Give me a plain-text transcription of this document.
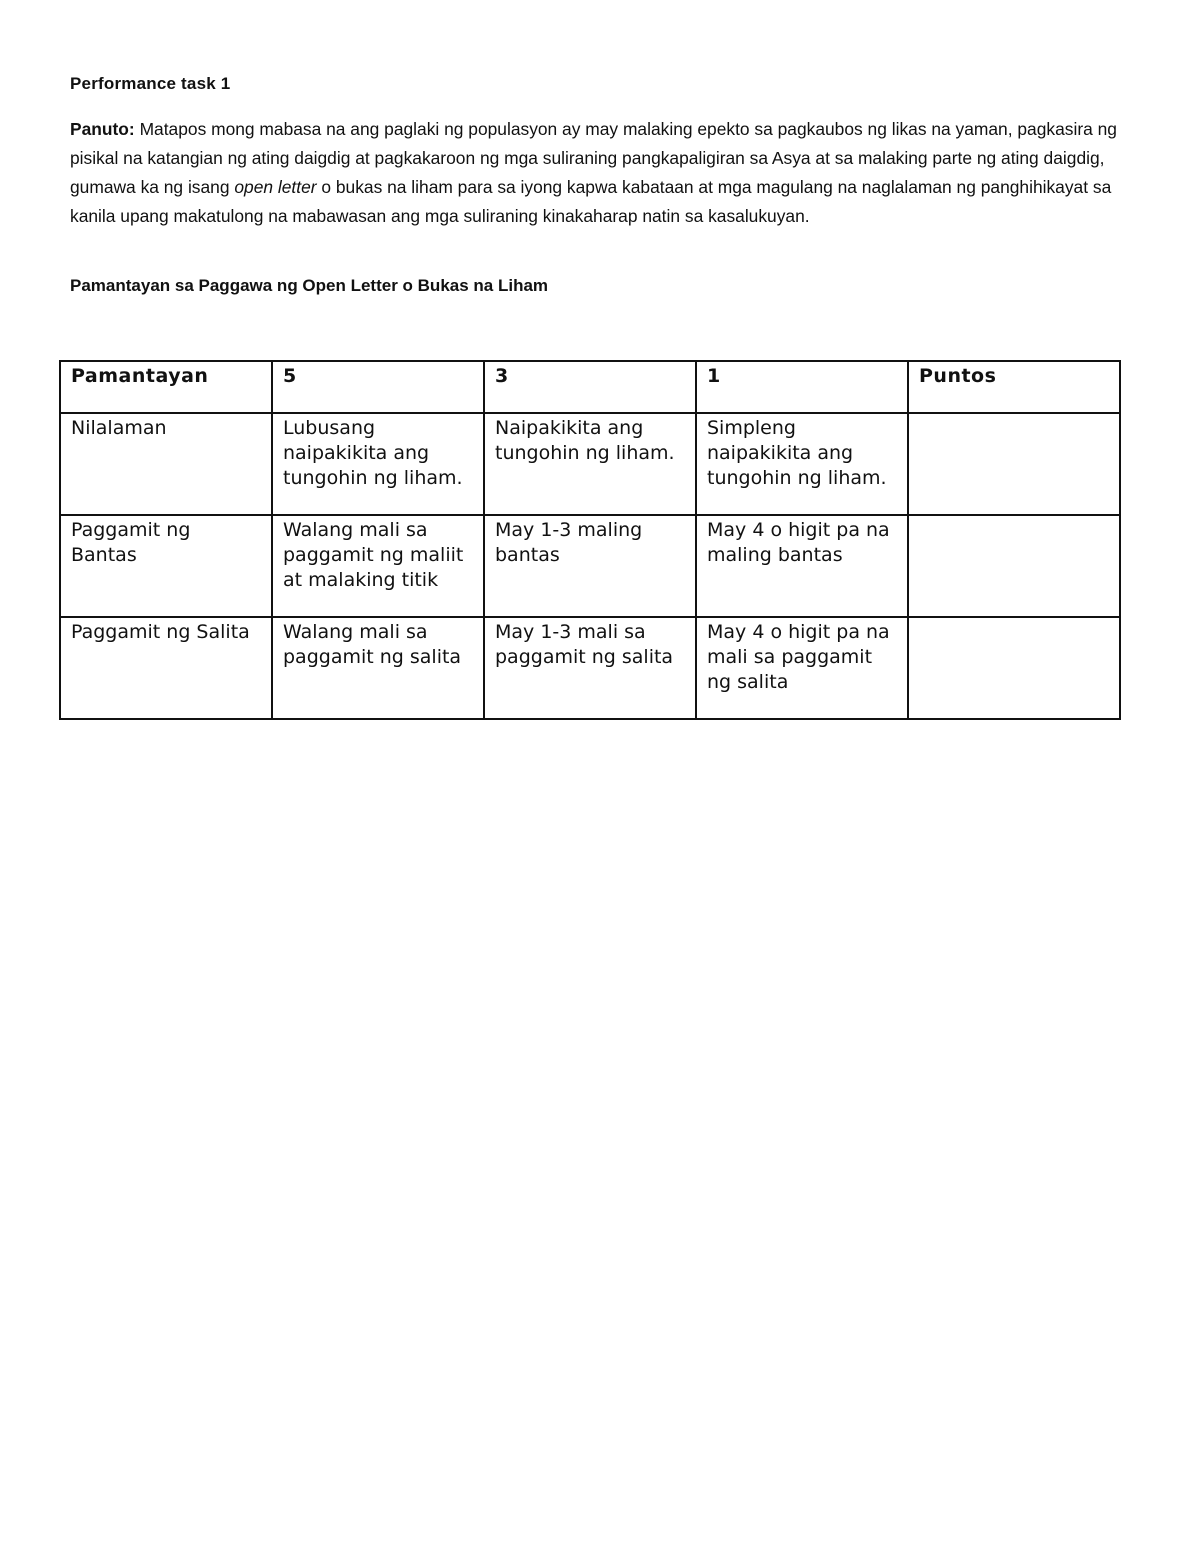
Performance task 1
Panuto: Matapos mong mabasa na ang paglaki ng populasyon ay may malaking epekto sa pagkaubos ng likas na yaman, pagkasira ng pisikal na katangian ng ating daigdig at pagkakaroon ng mga suliraning pangkapaligiran sa Asya at sa malaking parte ng ating daigdig, gumawa ka ng isang open letter o bukas na liham para sa iyong kapwa kabataan at mga magulang na naglalaman ng panghihikayat sa kanila upang makatulong na mabawasan ang mga suliraning kinakaharap natin sa kasalukuyan.
Pamantayan sa Paggawa ng Open Letter o Bukas na Liham
Pamantayan	5	3	1	Puntos
Nilalaman	Lubusang naipakikita ang tungohin ng liham.	Naipakikita ang tungohin ng liham.	Simpleng naipakikita ang tungohin ng liham.	
Paggamit ng Bantas	Walang mali sa paggamit ng maliit at malaking titik	May 1-3 maling bantas	May 4 o higit pa na maling bantas	
Paggamit ng Salita	Walang mali sa paggamit ng salita	May 1-3 mali sa paggamit ng salita	May 4 o higit pa na mali sa paggamit ng salita	
